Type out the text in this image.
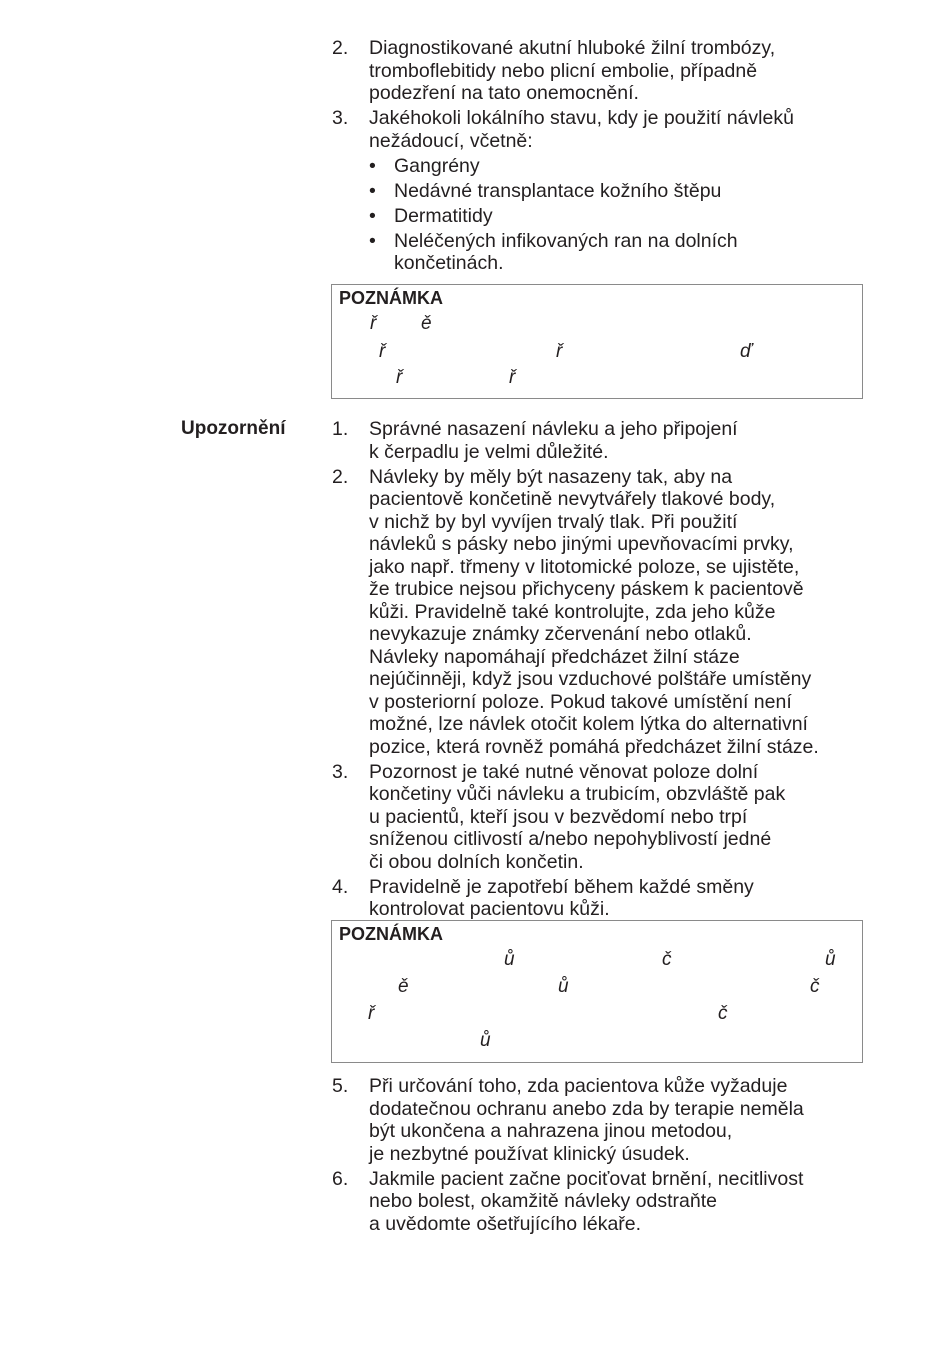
2. Diagnostikované akutní hluboké žilní trombózy,
tromboflebitidy nebo plicní embolie, případně
podezření na tato onemocnění.
3. Jakéhokoli lokálního stavu, kdy je použití návleků
nežádoucí, včetně:
• Gangrény
• Nedávné transplantace kožního štěpu
• Dermatitidy
• Neléčených infikovaných ran na dolních
končetinách.
POZNÁMKA
ř ě
ř	ř	ď
ř	ř
Upozornění 1. Správné nasazení návleku a jeho připojení
k čerpadlu je velmi důležité.
2. Návleky by měly být nasazeny tak, aby na
pacientově končetině nevytvářely tlakové body,
v nichž by byl vyvíjen trvalý tlak. Při použití
návleků s pásky nebo jinými upevňovacími prvky,
jako např. třmeny v litotomické poloze, se ujistěte,
že trubice nejsou přichyceny páskem k pacientově
kůži. Pravidelně také kontrolujte, zda jeho kůže
nevykazuje známky zčervenání nebo otlaků.
Návleky napomáhají předcházet žilní stáze
nejúčinněji, když jsou vzduchové polštáře umístěny
v posteriorní poloze. Pokud takové umístění není
možné, lze návlek otočit kolem lýtka do alternativní
pozice, která rovněž pomáhá předcházet žilní stáze.
3. Pozornost je také nutné věnovat poloze dolní
končetiny vůči návleku a trubicím, obzvláště pak
u pacientů, kteří jsou v bezvědomí nebo trpí
sníženou citlivostí a/nebo nepohyblivostí jedné
či obou dolních končetin.
4. Pravidelně je zapotřebí během každé směny
kontrolovat pacientovu kůži.
POZNÁMKA
ů	č	ů
ě	ů	č
ř	č
ů
5. Při určování toho, zda pacientova kůže vyžaduje
dodatečnou ochranu anebo zda by terapie neměla
být ukončena a nahrazena jinou metodou,
je nezbytné používat klinický úsudek.
6. Jakmile pacient začne pociťovat brnění, necitlivost
nebo bolest, okamžitě návleky odstraňte
a uvědomte ošetřujícího lékaře.
